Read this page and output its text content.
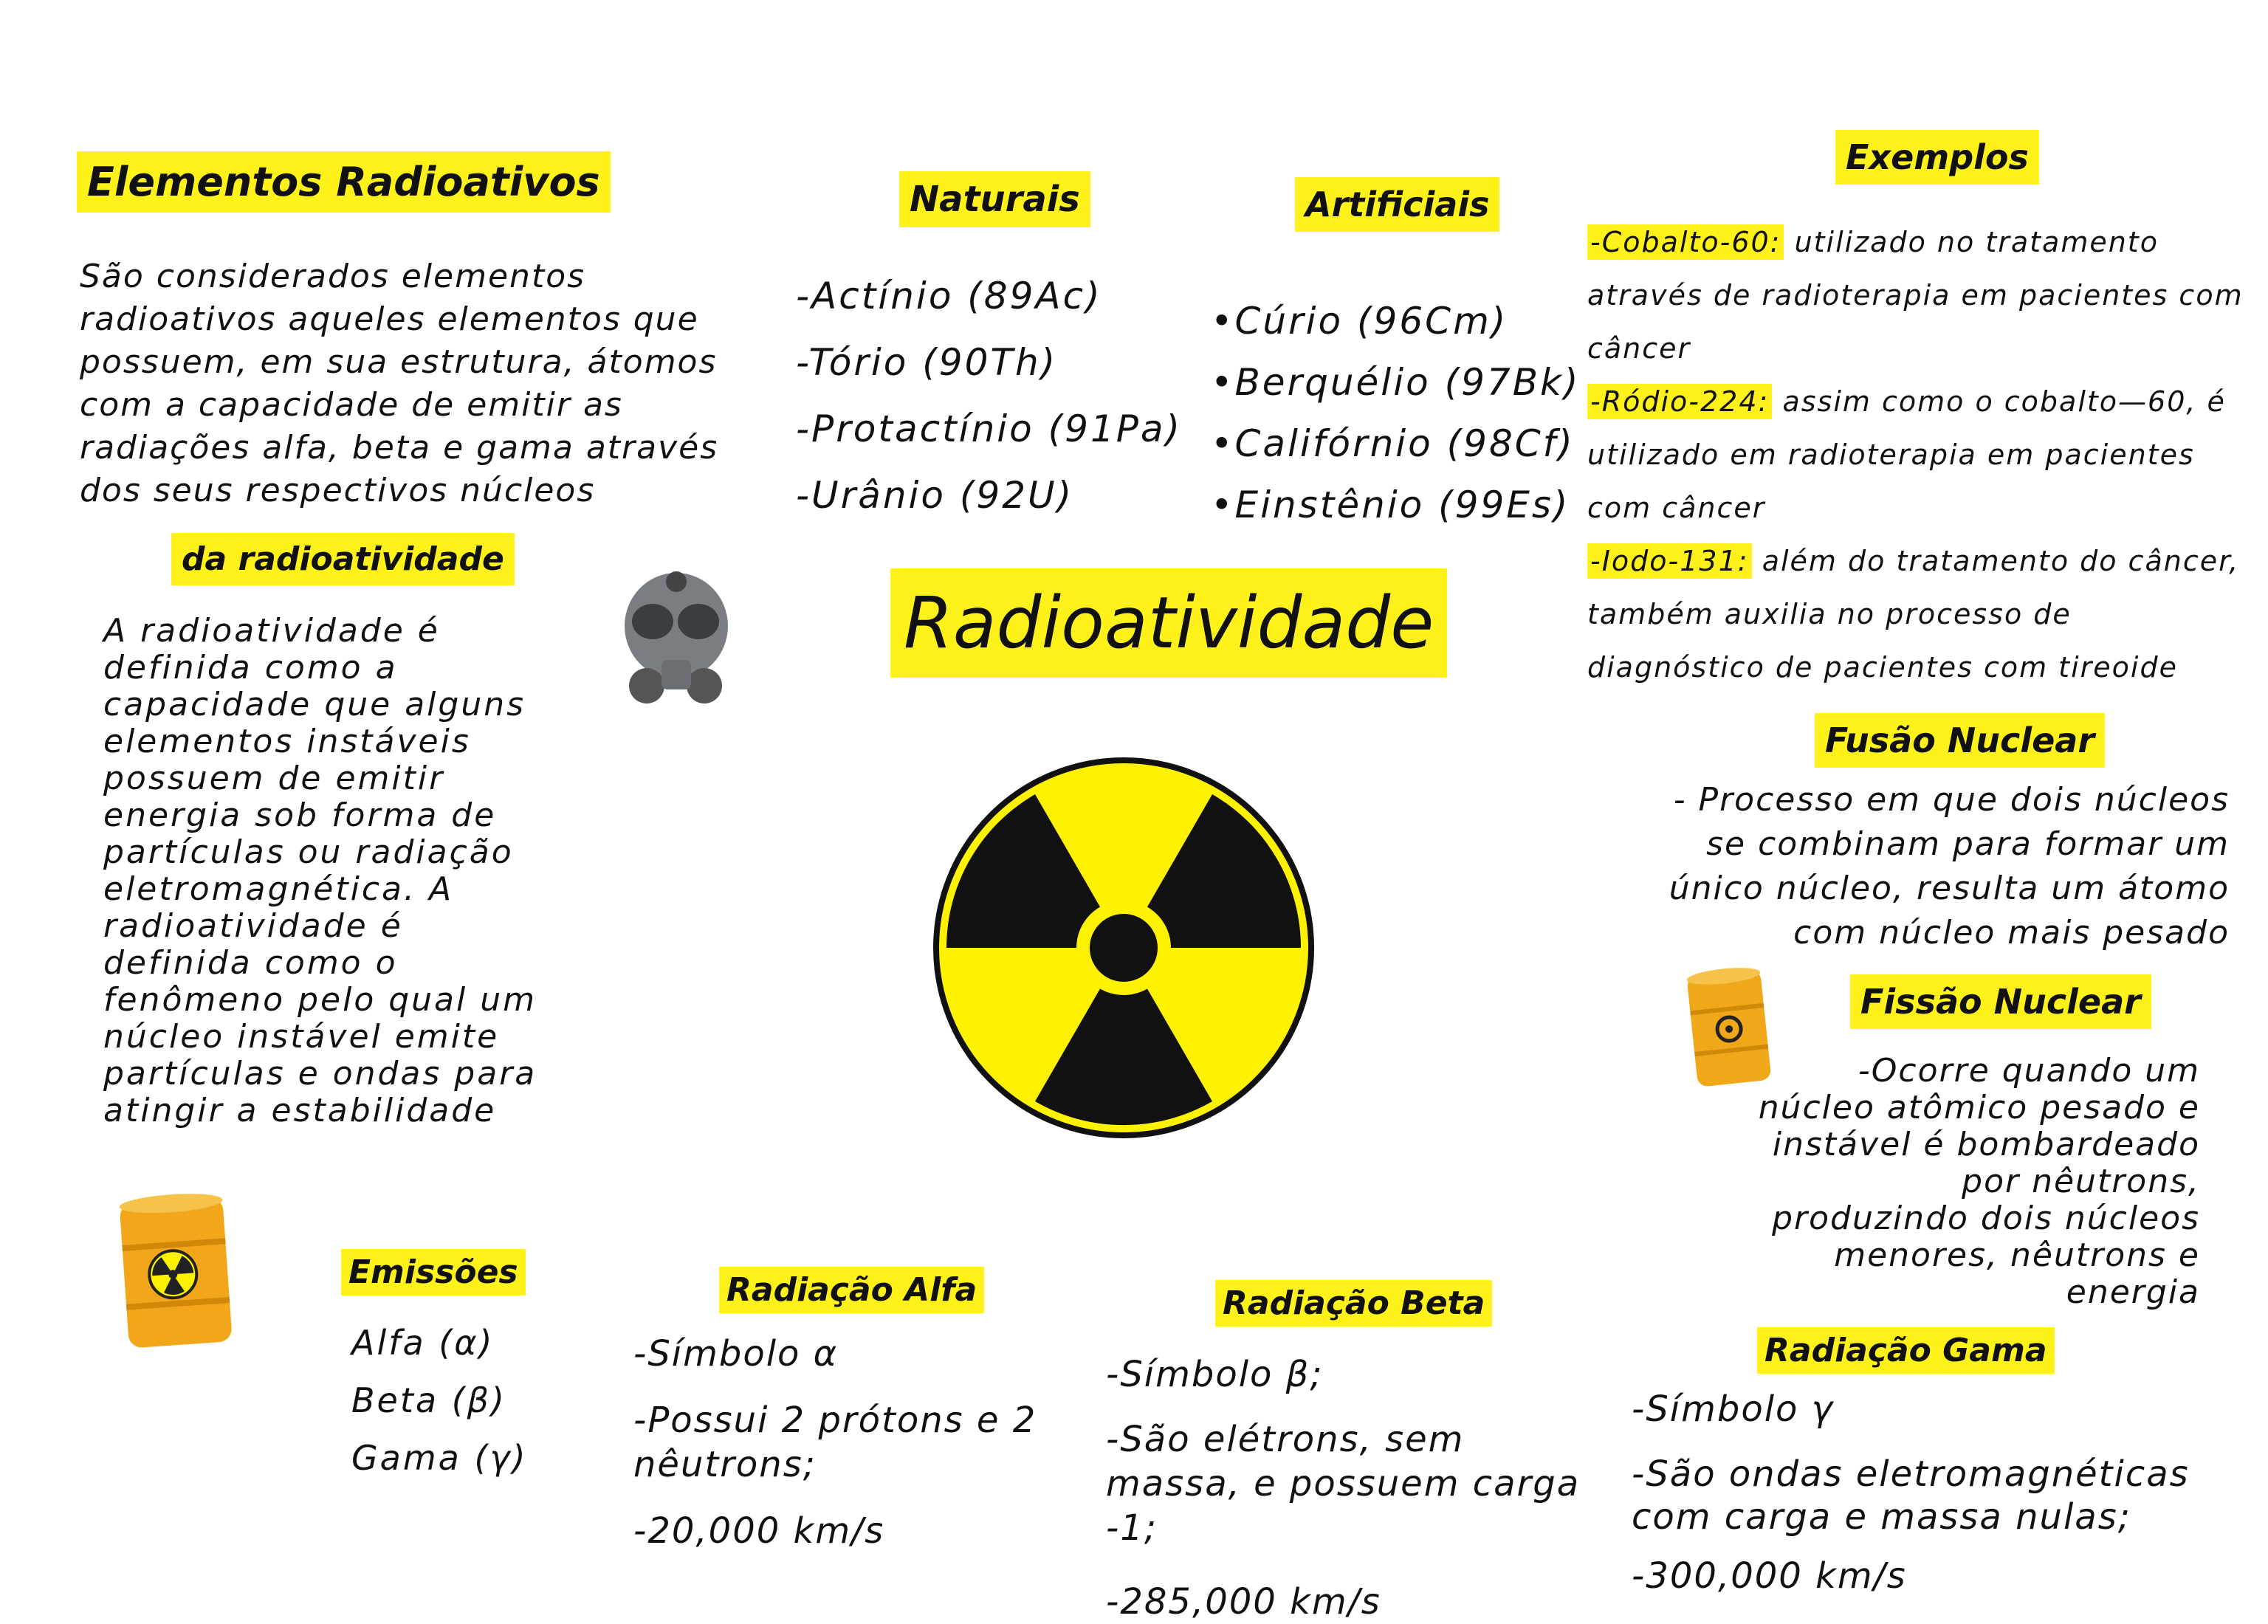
Elementos Radioativos
São considerados elementos radioativos aqueles elementos que possuem, em sua estrutura, átomos com a capacidade de emitir as radiações alfa, beta e gama através dos seus respectivos núcleos
da radioatividade
A radioatividade é definida como a capacidade que alguns elementos instáveis possuem de emitir energia sob forma de partículas ou radiação eletromagnética. A radioatividade é definida como o fenômeno pelo qual um núcleo instável emite partículas e ondas para atingir a estabilidade
Naturais
-Actínio (89Ac)
-Tório (90Th)
-Protactínio (91Pa)
-Urânio (92U)
Artificiais
•Cúrio (96Cm)
•Berquélio (97Bk)
•Califórnio (98Cf)
•Einstênio (99Es)
Radioatividade
Exemplos
-Cobalto-60: utilizado no tratamento através de radioterapia em pacientes com câncer
-Ródio-224: assim como o cobalto—60, é utilizado em radioterapia em pacientes com câncer
-Iodo-131: além do tratamento do câncer, também auxilia no processo de diagnóstico de pacientes com tireoide
Fusão Nuclear
- Processo em que dois núcleos se combinam para formar um único núcleo, resulta um átomo com núcleo mais pesado
Fissão Nuclear
-Ocorre quando um núcleo atômico pesado e instável é bombardeado por nêutrons, produzindo dois núcleos menores, nêutrons e energia
Emissões
Alfa (α)
Beta (β)
Gama (γ)
Radiação Alfa
-Símbolo α
-Possui 2 prótons e 2 nêutrons;
-20,000 km/s
Radiação Beta
-Símbolo β;
-São elétrons, sem massa, e possuem carga -1;
-285,000 km/s
Radiação Gama
-Símbolo γ
-São ondas eletromagnéticas com carga e massa nulas;
-300,000 km/s
